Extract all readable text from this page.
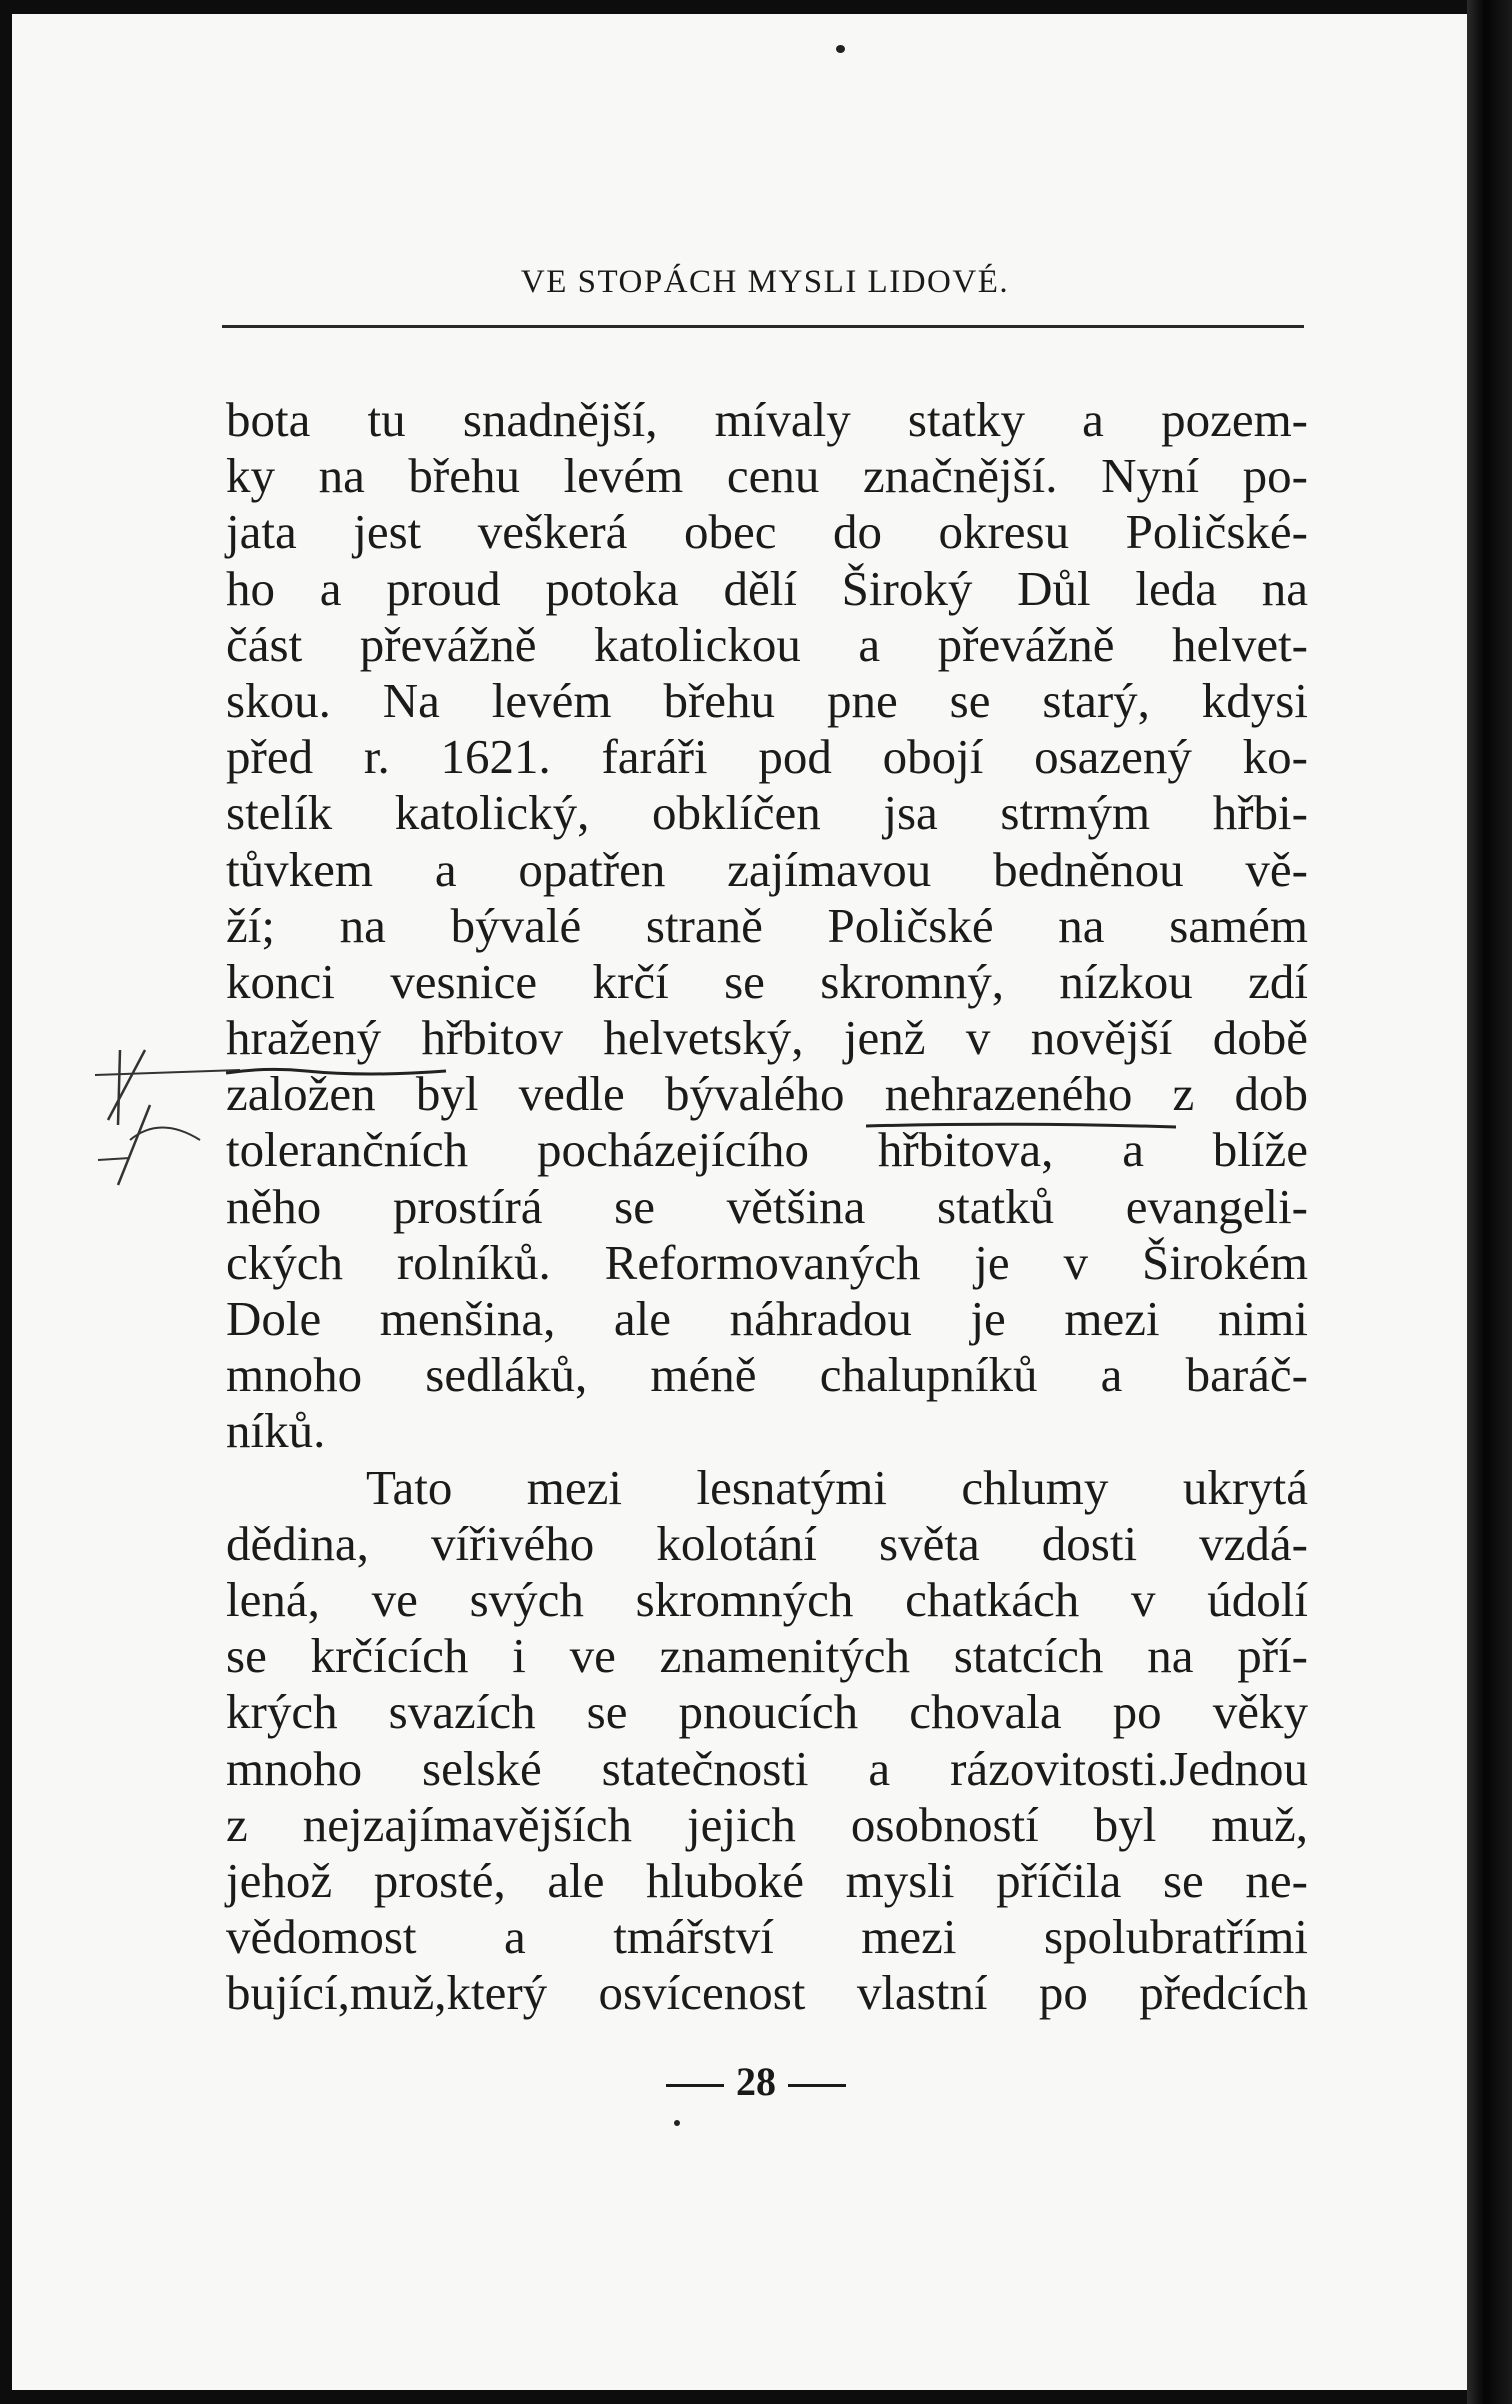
VE STOPÁCH MYSLI LIDOVÉ.
bota tu snadnější, mívaly statky a pozem-
ky na břehu levém cenu značnější. Nyní po-
jata jest veškerá obec do okresu Poličské-
ho a proud potoka dělí Široký Důl leda na
část převážně katolickou a převážně helvet-
skou. Na levém břehu pne se starý, kdysi
před r. 1621. faráři pod obojí osazený ko-
stelík katolický, obklíčen jsa strmým hřbi-
tůvkem a opatřen zajímavou bedněnou vě-
ží; na bývalé straně Poličské na samém
konci vesnice krčí se skromný, nízkou zdí
hražený hřbitov helvetský, jenž v novější době
založen byl vedle bývalého nehrazeného z dob
tolerančních pocházejícího hřbitova, a blíže
něho prostírá se většina statků evangeli-
ckých rolníků. Reformovaných je v Širokém
Dole menšina, ale náhradou je mezi nimi
mnoho sedláků, méně chalupníků a baráč-
níků.
Tato mezi lesnatými chlumy ukrytá
dědina, vířivého kolotání světa dosti vzdá-
lená, ve svých skromných chatkách v údolí
se krčících i ve znamenitých statcích na pří-
krých svazích se pnoucích chovala po věky
mnoho selské statečnosti a rázovitosti.Jednou
z nejzajímavějších jejich osobností byl muž,
jehož prosté, ale hluboké mysli příčila se ne-
vědomost a tmářství mezi spolubratřími
bující,muž,který osvícenost vlastní po předcích
28
